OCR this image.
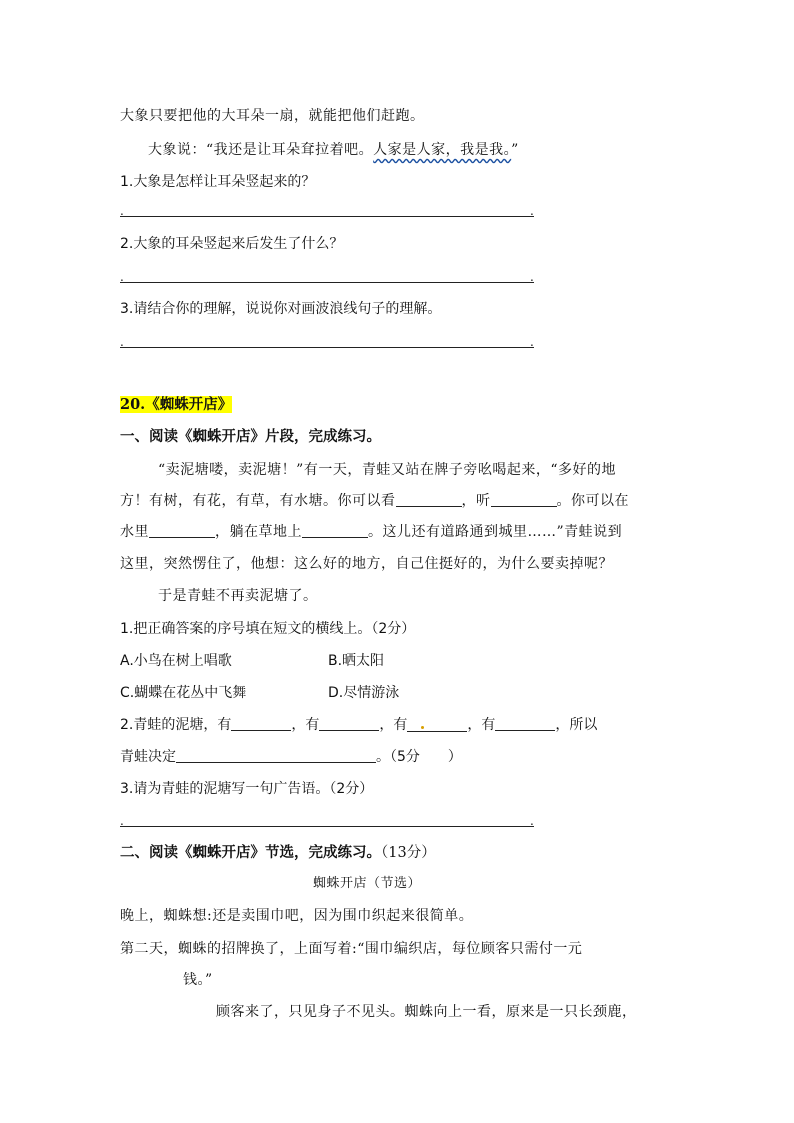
大象只要把他的大耳朵一扇，就能把他们赶跑。
大象说：“我还是让耳朵耷拉着吧。人家是人家，我是我。”
1.大象是怎样让耳朵竖起来的？
.	.
2.大象的耳朵竖起来后发生了什么？
.	.
3.请结合你的理解，说说你对画波浪线句子的理解。
.	.
20.《蜘蛛开店》
一、阅读《蜘蛛开店》片段，完成练习。
“卖泥塘喽，卖泥塘！”有一天，青蛙又站在牌子旁吆喝起来，“多好的地
方！有树，有花，有草，有水塘。你可以看	，听	。你可以在
水里	，躺在草地上	。这儿还有道路通到城里……”青蛙说到
这里，突然愣住了，他想：这么好的地方，自己住挺好的，为什么要卖掉呢？
于是青蛙不再卖泥塘了。
1.把正确答案的序号填在短文的横线上。（2分）
A.小鸟在树上唱歌	B.晒太阳
C.蝴蝶在花丛中飞舞	D.尽情游泳
2.青蛙的泥塘，有	，有	，有	，有	，所以
青蛙决定	。（5分　　）
3.请为青蛙的泥塘写一句广告语。（2分）
.	.
二、阅读《蜘蛛开店》节选，完成练习。（13分）
蜘蛛开店（节选）
晚上，蜘蛛想:还是卖围巾吧，因为围巾织起来很简单。
第二天，蜘蛛的招牌换了，上面写着:“围巾编织店，每位顾客只需付一元
钱。”
顾客来了，只见身子不见头。蜘蛛向上一看，原来是一只长颈鹿，
